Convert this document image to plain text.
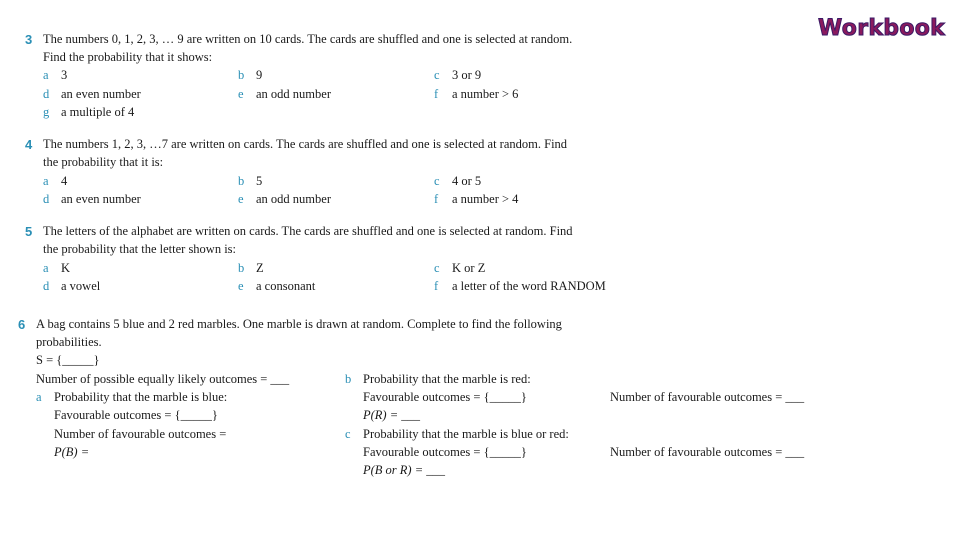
Workbook
3 The numbers 0, 1, 2, 3, … 9 are written on 10 cards. The cards are shuffled and one is selected at random.
Find the probability that it shows:
a 3	b 9	c 3 or 9
d an even number	e an odd number	f a number > 6
g a multiple of 4
4 The numbers 1, 2, 3, …7 are written on cards. The cards are shuffled and one is selected at random. Find
the probability that it is:
a 4	b 5	c 4 or 5
d an even number	e an odd number	f a number > 4
5 The letters of the alphabet are written on cards. The cards are shuffled and one is selected at random. Find
the probability that the letter shown is:
a K	b Z	c K or Z
d a vowel	e a consonant	f a letter of the word RANDOM
6 A bag contains 5 blue and 2 red marbles. One marble is drawn at random. Complete to find the following
probabilities.
S = {_____}
Number of possible equally likely outcomes = ___
a Probability that the marble is blue:
Favourable outcomes = {_____}
Number of favourable outcomes =
P(B) =
b Probability that the marble is red:
Favourable outcomes = {_____}	Number of favourable outcomes = ___
P(R) = ___
c Probability that the marble is blue or red:
Favourable outcomes = {_____}	Number of favourable outcomes = ___
P(B or R) = ___
